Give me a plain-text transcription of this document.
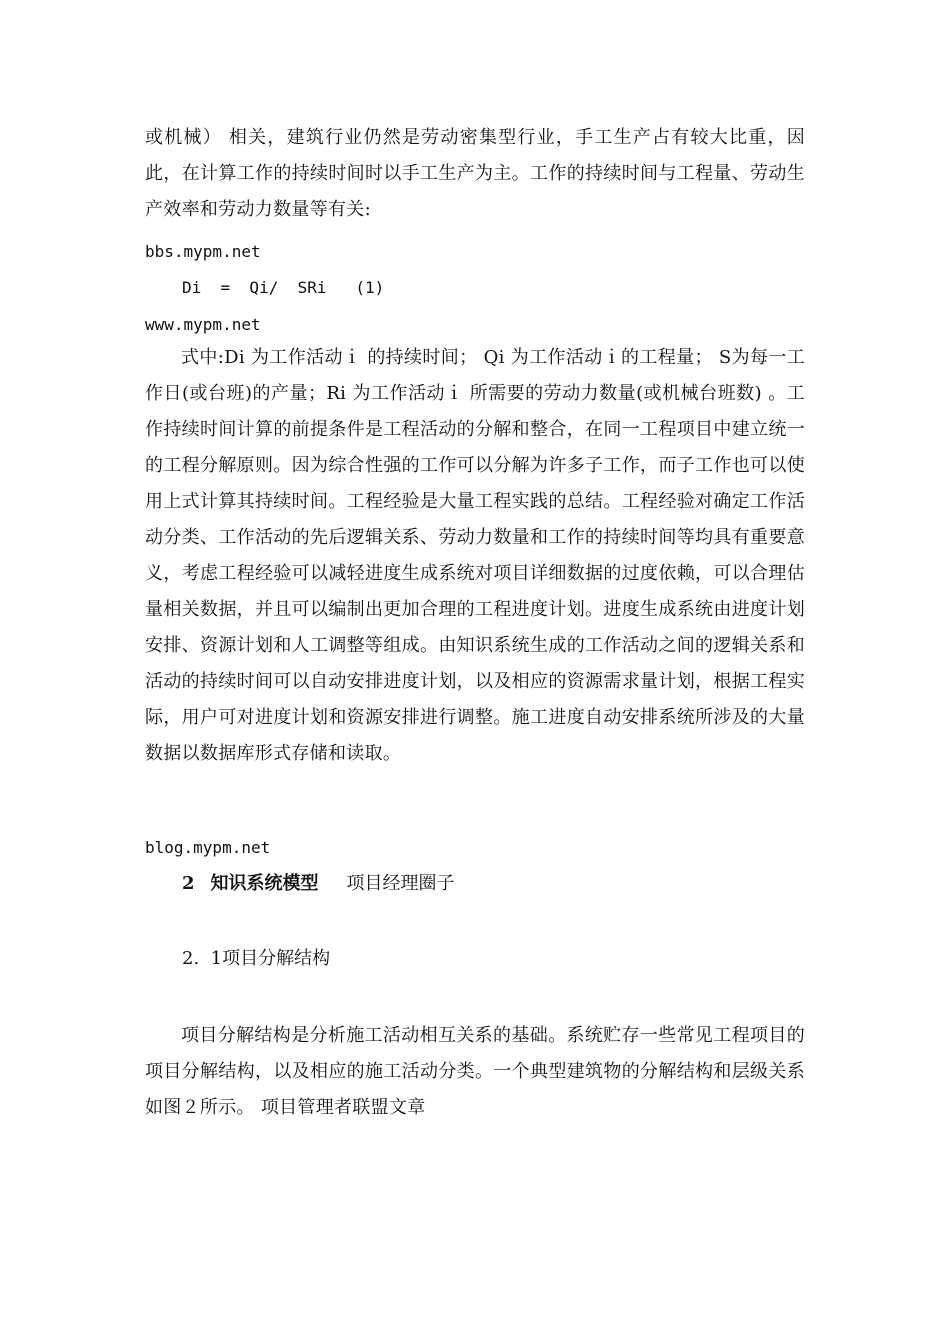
或机械） 相关，建筑行业仍然是劳动密集型行业，手工生产占有较大比重，因此，在计算工作的持续时间时以手工生产为主。工作的持续时间与工程量、劳动生产效率和劳动力数量等有关:

bbs.mypm.net

Di  =  Qi/  SRi   (1)

www.mypm.net

式中:Di 为工作活动ｉ 的持续时间； Qi 为工作活动ｉ的工程量； S为每一工作日(或台班)的产量；Ri 为工作活动ｉ 所需要的劳动力数量(或机械台班数) 。工作持续时间计算的前提条件是工程活动的分解和整合，在同一工程项目中建立统一的工程分解原则。因为综合性强的工作可以分解为许多子工作，而子工作也可以使用上式计算其持续时间。工程经验是大量工程实践的总结。工程经验对确定工作活动分类、工作活动的先后逻辑关系、劳动力数量和工作的持续时间等均具有重要意义，考虑工程经验可以减轻进度生成系统对项目详细数据的过度依赖，可以合理估量相关数据，并且可以编制出更加合理的工程进度计划。进度生成系统由进度计划安排、资源计划和人工调整等组成。由知识系统生成的工作活动之间的逻辑关系和活动的持续时间可以自动安排进度计划，以及相应的资源需求量计划，根据工程实际，用户可对进度计划和资源安排进行调整。施工进度自动安排系统所涉及的大量数据以数据库形式存储和读取。

blog.mypm.net

2 知识系统模型 项目经理圈子

2.  1项目分解结构

项目分解结构是分析施工活动相互关系的基础。系统贮存一些常见工程项目的项目分解结构，以及相应的施工活动分类。一个典型建筑物的分解结构和层级关系如图２所示。 项目管理者联盟文章
